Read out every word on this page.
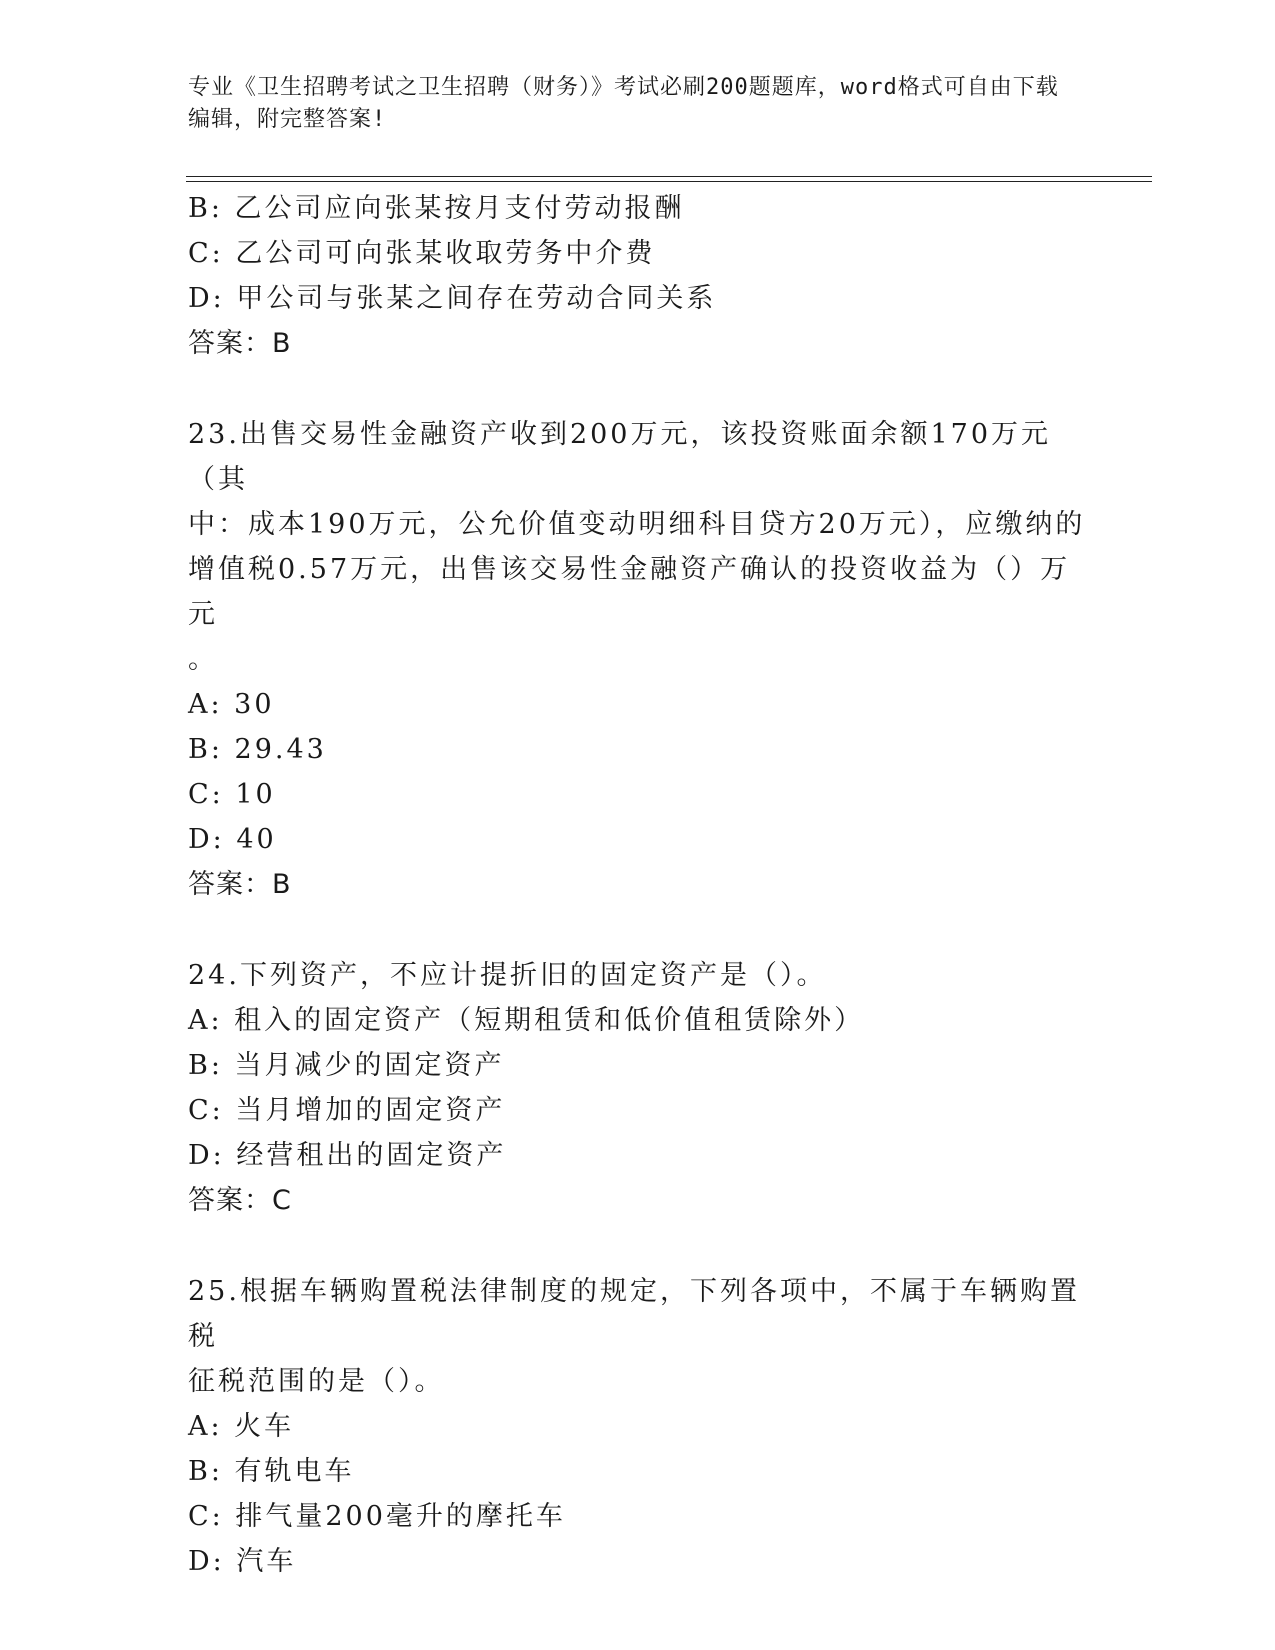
专业《卫生招聘考试之卫生招聘（财务）》考试必刷200题题库，word格式可自由下载编辑，附完整答案!
B: 乙公司应向张某按月支付劳动报酬
C: 乙公司可向张某收取劳务中介费
D: 甲公司与张某之间存在劳动合同关系
答案：B
23.出售交易性金融资产收到200万元，该投资账面余额170万元（其
中：成本190万元，公允价值变动明细科目贷方20万元），应缴纳的
增值税0.57万元，出售该交易性金融资产确认的投资收益为（）万元
。
A: 30
B: 29.43
C: 10
D: 40
答案：B
24.下列资产，不应计提折旧的固定资产是（）。
A: 租入的固定资产（短期租赁和低价值租赁除外）
B: 当月减少的固定资产
C: 当月增加的固定资产
D: 经营租出的固定资产
答案：C
25.根据车辆购置税法律制度的规定，下列各项中，不属于车辆购置税
征税范围的是（）。
A: 火车
B: 有轨电车
C: 排气量200毫升的摩托车
D: 汽车
